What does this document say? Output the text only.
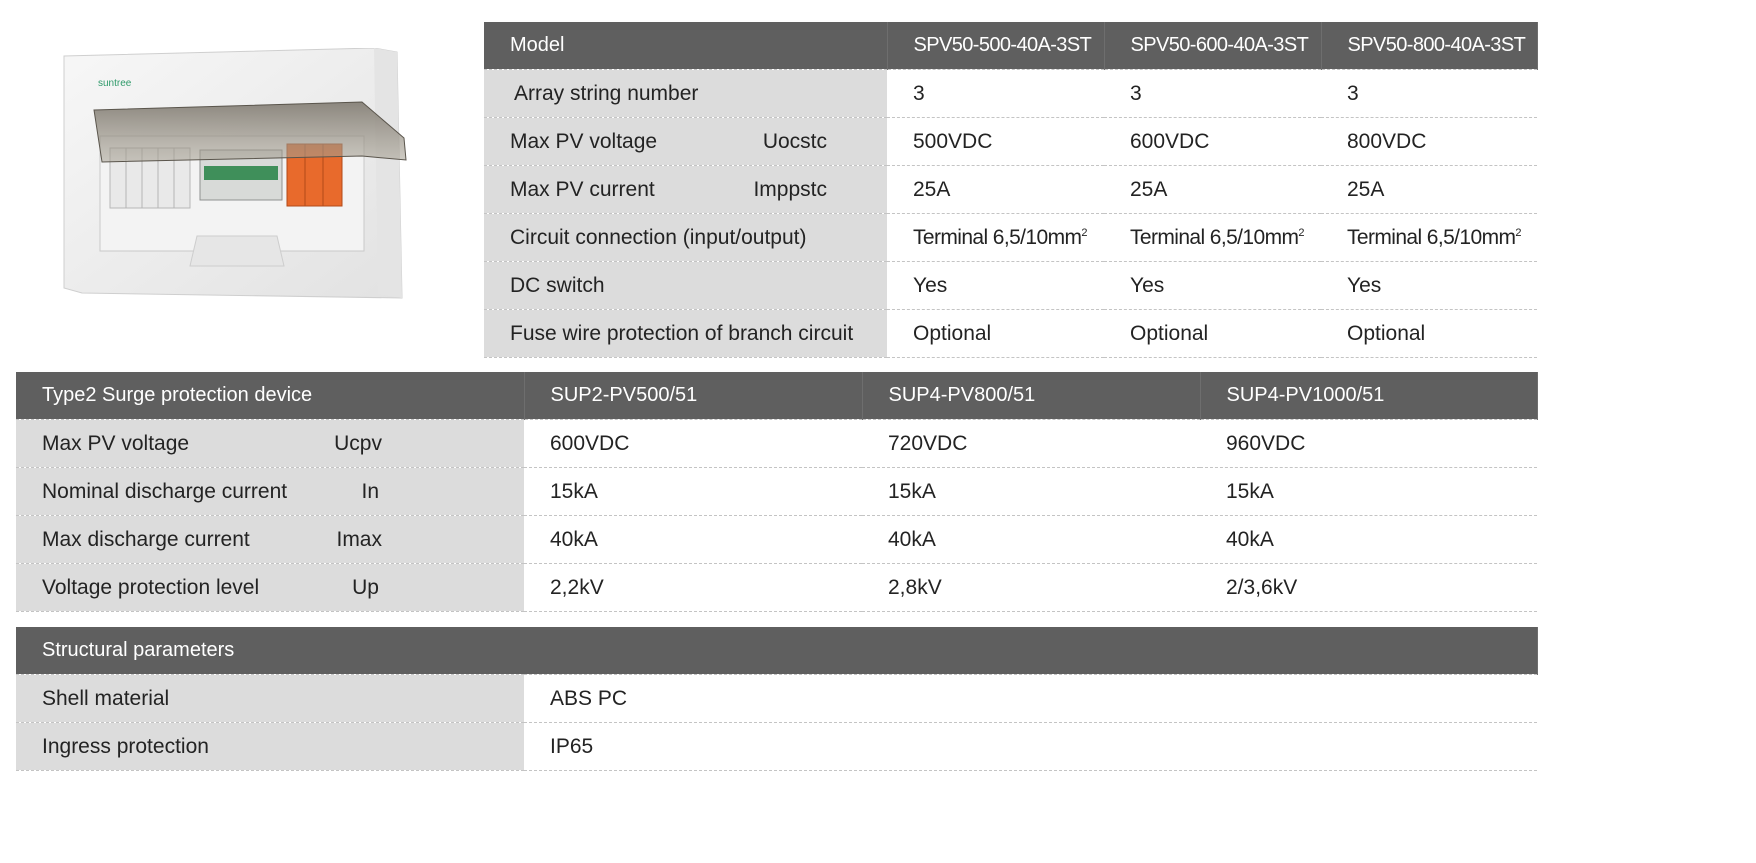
suntree
Model	SPV50-500-40A-3ST	SPV50-600-40A-3ST	SPV50-800-40A-3ST
Array string number	3	3	3

Max PV voltage Uocstc	500VDC	600VDC	800VDC

Max PV current Imppstc	25A	25A	25A
Circuit connection (input/output)	Terminal $6,5/10mm^2$	Terminal $6,5/10mm^2$	Terminal $6,5/10mm^2$
DC switch	Yes	Yes	Yes
Fuse wire protection of branch circuit	Optional	Optional	Optional
Type2 Surge protection device	SUP2-PV500/51	SUP4-PV800/51	SUP4-PV1000/51

Max PV voltage Ucpv	600VDC	720VDC	960VDC

Nominal discharge current In	15kA	15kA	15kA

Max discharge current Imax	40kA	40kA	40kA

Voltage protection level Up	2,2kV	2,8kV	2/3,6kV
Structural parameters	
Shell material	ABS PC
Ingress protection	IP65
